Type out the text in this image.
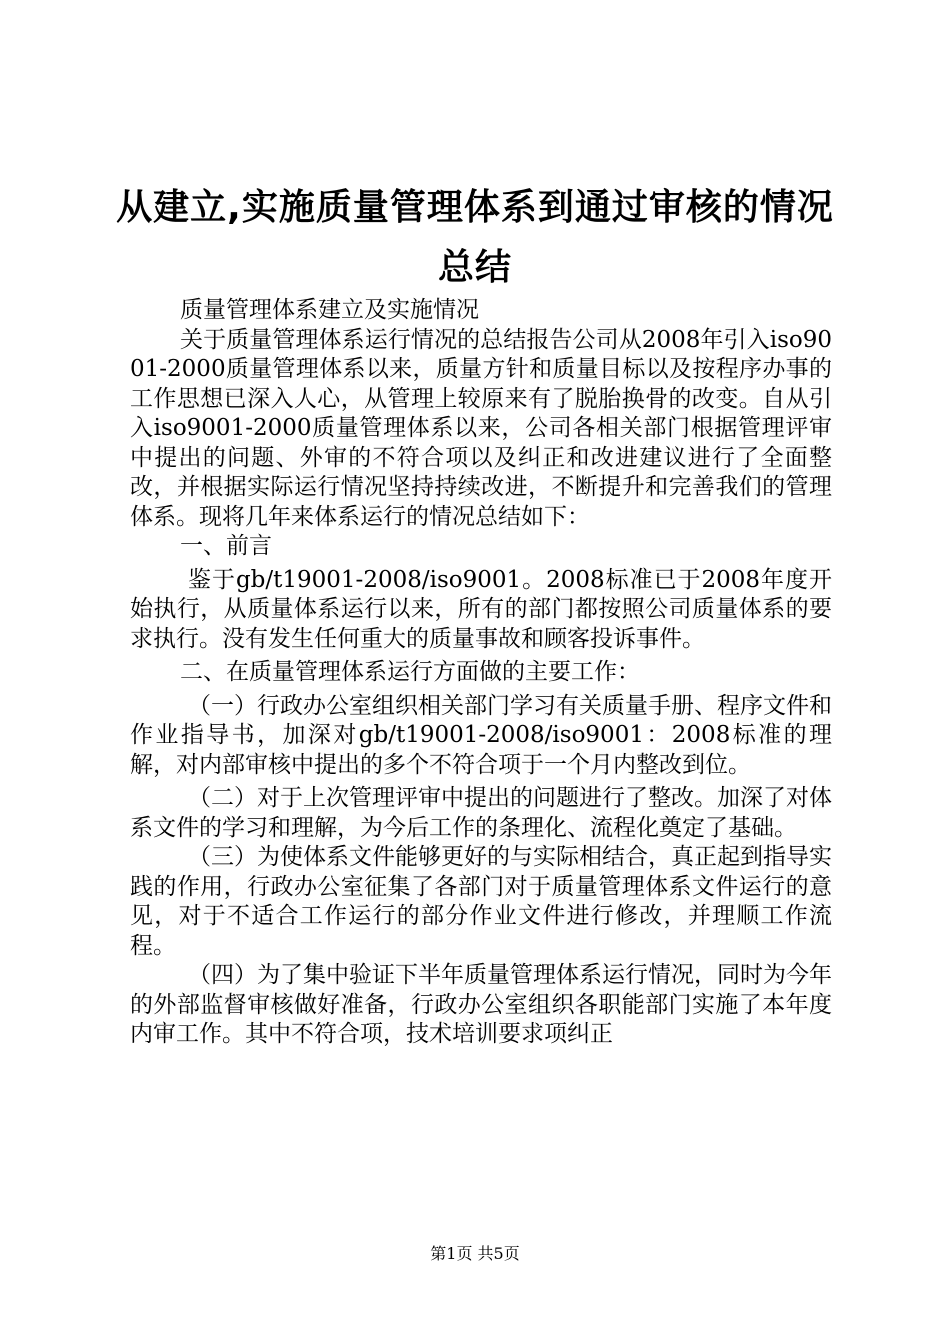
从建立,实施质量管理体系到通过审核的情况
总结

质量管理体系建立及实施情况

关于质量管理体系运行情况的总结报告公司从2008年引入iso9001-2000质量管理体系以来，质量方针和质量目标以及按程序办事的工作思想已深入人心，从管理上较原来有了脱胎换骨的改变。自从引入iso9001-2000质量管理体系以来，公司各相关部门根据管理评审中提出的问题、外审的不符合项以及纠正和改进建议进行了全面整改，并根据实际运行情况坚持持续改进，不断提升和完善我们的管理体系。现将几年来体系运行的情况总结如下：

一、前言

鉴于gb/t19001-2008/iso9001。2008标准已于2008年度开始执行，从质量体系运行以来，所有的部门都按照公司质量体系的要求执行。没有发生任何重大的质量事故和顾客投诉事件。

二、在质量管理体系运行方面做的主要工作：

（一）行政办公室组织相关部门学习有关质量手册、程序文件和作业指导书，加深对gb/t19001-2008/iso9001：2008标准的理解，对内部审核中提出的多个不符合项于一个月内整改到位。

（二）对于上次管理评审中提出的问题进行了整改。加深了对体系文件的学习和理解，为今后工作的条理化、流程化奠定了基础。

（三）为使体系文件能够更好的与实际相结合，真正起到指导实践的作用，行政办公室征集了各部门对于质量管理体系文件运行的意见，对于不适合工作运行的部分作业文件进行修改，并理顺工作流程。

（四）为了集中验证下半年质量管理体系运行情况，同时为今年的外部监督审核做好准备，行政办公室组织各职能部门实施了本年度内审工作。其中不符合项，技术培训要求项纠正

第1页 共5页
